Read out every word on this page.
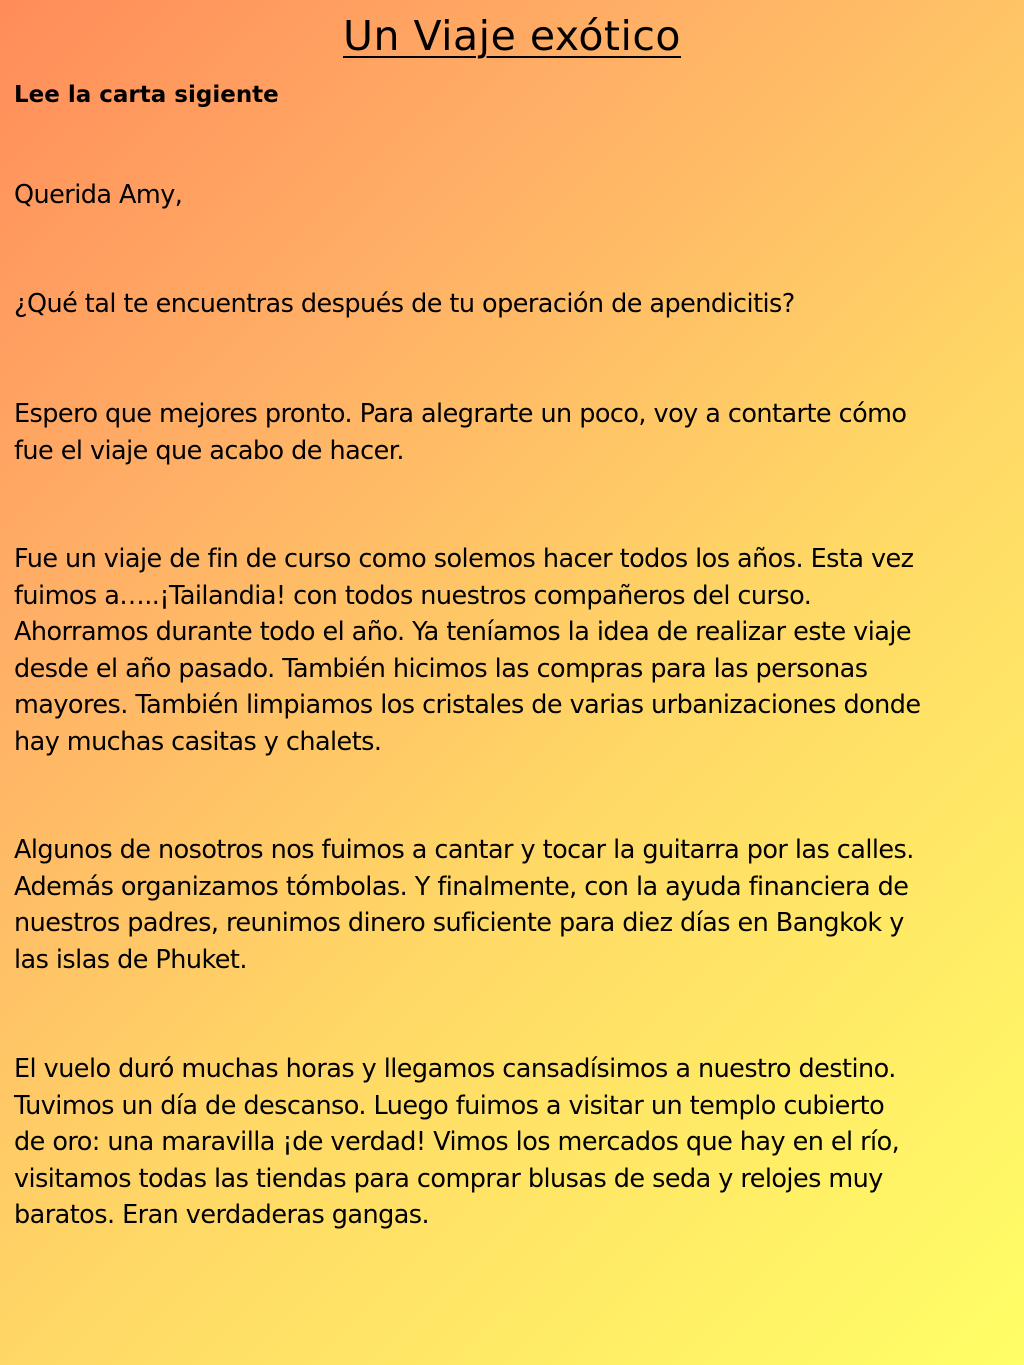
Un Viaje exótico

Lee la carta sigiente

Querida Amy,

¿Qué tal te encuentras después de tu operación de apendicitis?

Espero que mejores pronto. Para alegrarte un poco, voy a contarte cómo
fue el viaje que acabo de hacer.

Fue un viaje de fin de curso como solemos hacer todos los años. Esta vez
fuimos a…..¡Tailandia! con todos nuestros compañeros del curso.
Ahorramos durante todo el año. Ya teníamos la idea de realizar este viaje
desde el año pasado. También hicimos las compras para las personas
mayores. También limpiamos los cristales de varias urbanizaciones donde
hay muchas casitas y chalets.

Algunos de nosotros nos fuimos a cantar y tocar la guitarra por las calles.
Además organizamos tómbolas. Y finalmente, con la ayuda financiera de
nuestros padres, reunimos dinero suficiente para diez días en Bangkok y
las islas de Phuket.

El vuelo duró muchas horas y llegamos cansadísimos a nuestro destino.
Tuvimos un día de descanso. Luego fuimos a visitar un templo cubierto
de oro: una maravilla ¡de verdad! Vimos los mercados que hay en el río,
visitamos todas las tiendas para comprar blusas de seda y relojes muy
baratos. Eran verdaderas gangas.
